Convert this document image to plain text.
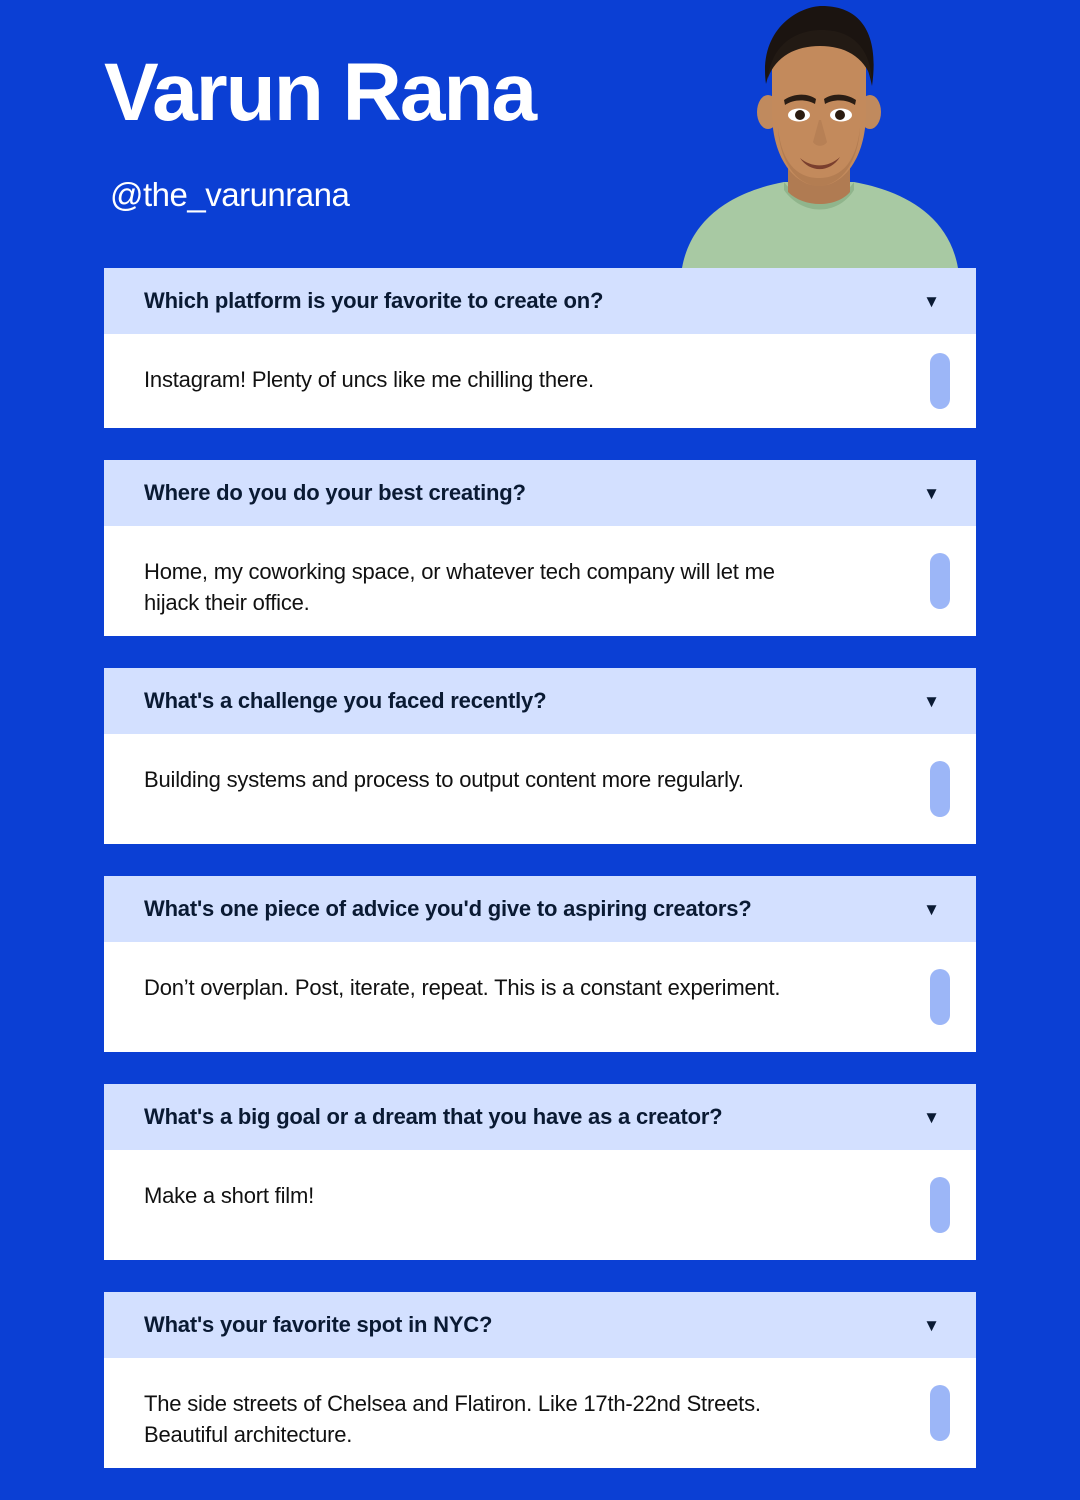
Varun Rana
@the_varunrana
Which platform is your favorite to create on?	▼
Instagram! Plenty of uncs like me chilling there.
Where do you do your best creating?	▼
Home, my coworking space, or whatever tech company will let me hijack their office.
What's a challenge you faced recently?	▼
Building systems and process to output content more regularly.
What's one piece of advice you'd give to aspiring creators?	▼
Don’t overplan. Post, iterate, repeat. This is a constant experiment.
What's a big goal or a dream that you have as a creator?	▼
Make a short film!
What's your favorite spot in NYC?	▼
The side streets of Chelsea and Flatiron. Like 17th-22nd Streets. Beautiful architecture.
